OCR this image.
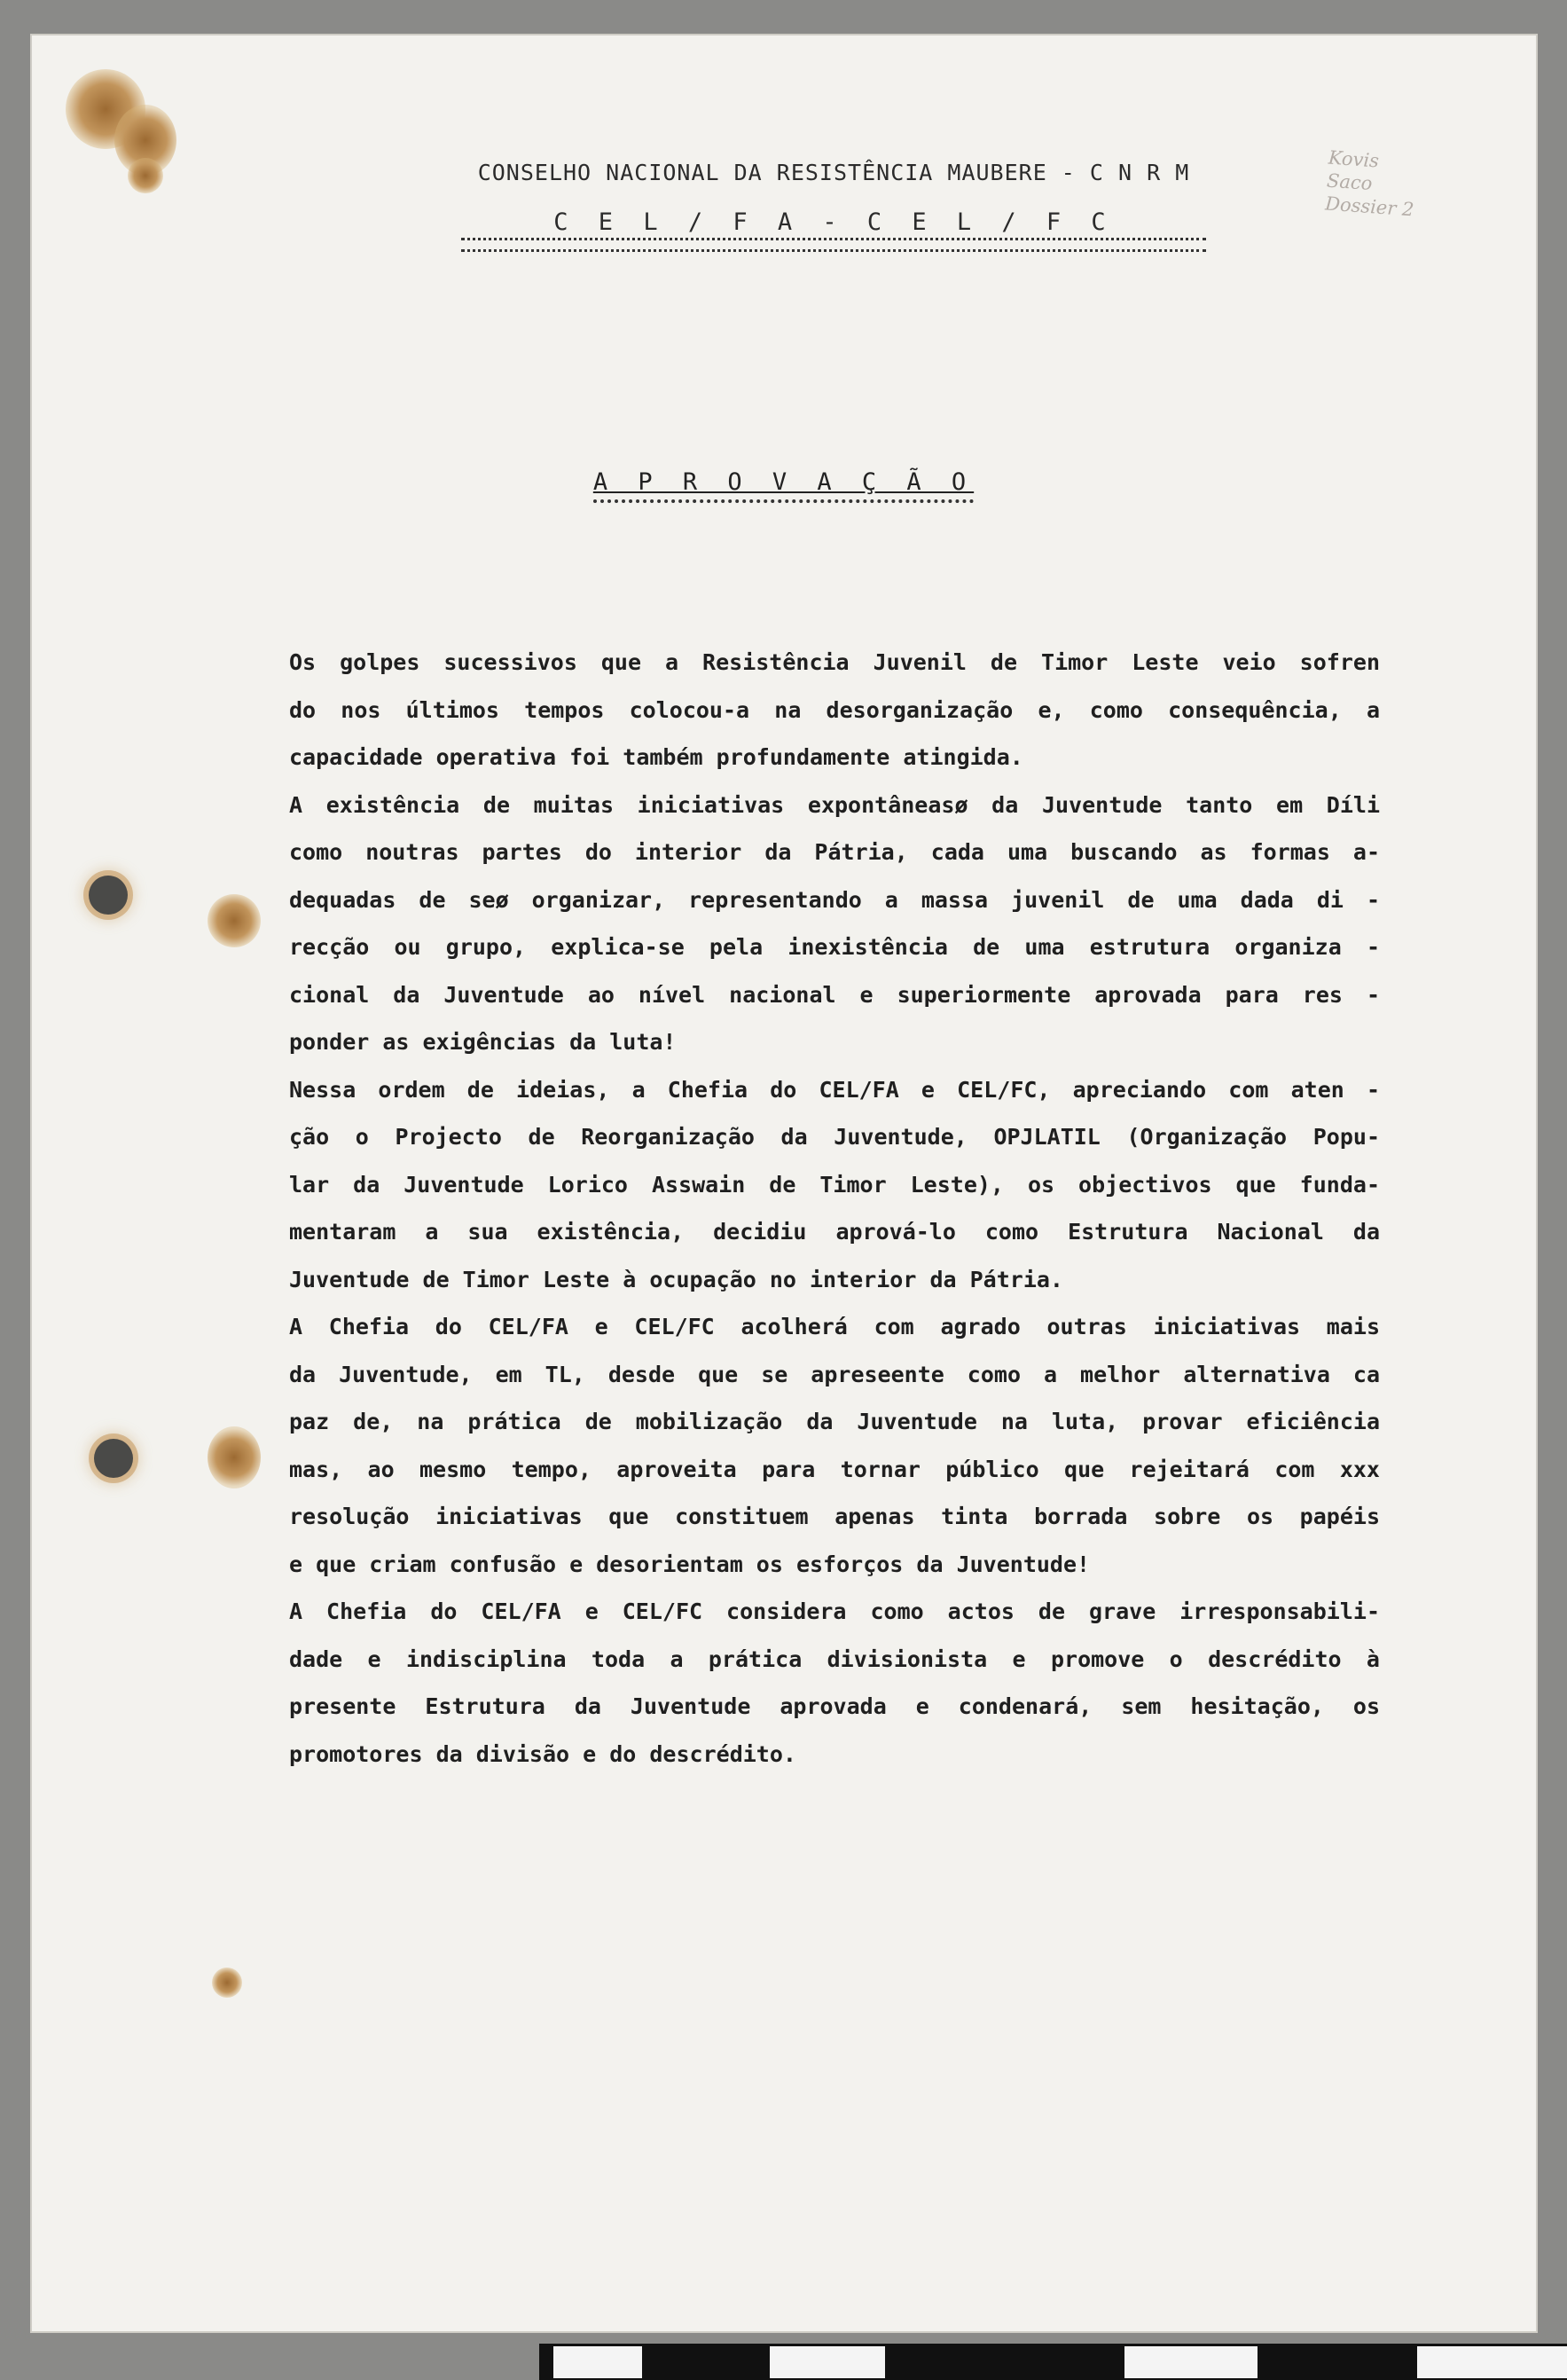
Kovis
Saco
Dossier 2
CONSELHO NACIONAL DA RESISTÊNCIA MAUBERE - C N R M
C E L / F A - C E L / F C
A P R O V A Ç Ã O
Os golpes sucessivos que a Resistência Juvenil de Timor Leste veio sofren
do nos últimos tempos colocou-a na desorganização e, como consequência, a
capacidade operativa foi também profundamente atingida.
A existência de muitas iniciativas expontâneasø da Juventude tanto em Díli
como noutras partes do interior da Pátria, cada uma buscando as formas a-
dequadas de seø organizar, representando a massa juvenil de uma dada di -
recção ou grupo, explica-se pela inexistência de uma estrutura organiza -
cional da Juventude ao nível nacional e superiormente aprovada para res -
ponder as exigências da luta!
Nessa ordem de ideias, a Chefia do CEL/FA e CEL/FC, apreciando com aten -
ção o Projecto de Reorganização da Juventude, OPJLATIL (Organização Popu-
lar da Juventude Lorico Asswain de Timor Leste), os objectivos que funda-
mentaram a sua existência, decidiu aprová-lo como Estrutura Nacional da
Juventude de Timor Leste à ocupação no interior da Pátria.
A Chefia do CEL/FA e CEL/FC acolherá com agrado outras iniciativas mais
da Juventude, em TL, desde que se apreseente como a melhor alternativa ca
paz de, na prática de mobilização da Juventude na luta, provar eficiência
mas, ao mesmo tempo, aproveita para tornar público que rejeitará com xxx
resolução iniciativas que constituem apenas tinta borrada sobre os papéis
e que criam confusão e desorientam os esforços da Juventude!
A Chefia do CEL/FA e CEL/FC considera como actos de grave irresponsabili-
dade e indisciplina toda a prática divisionista e promove o descrédito à
presente Estrutura da Juventude aprovada e condenará, sem hesitação, os
promotores da divisão e do descrédito.
